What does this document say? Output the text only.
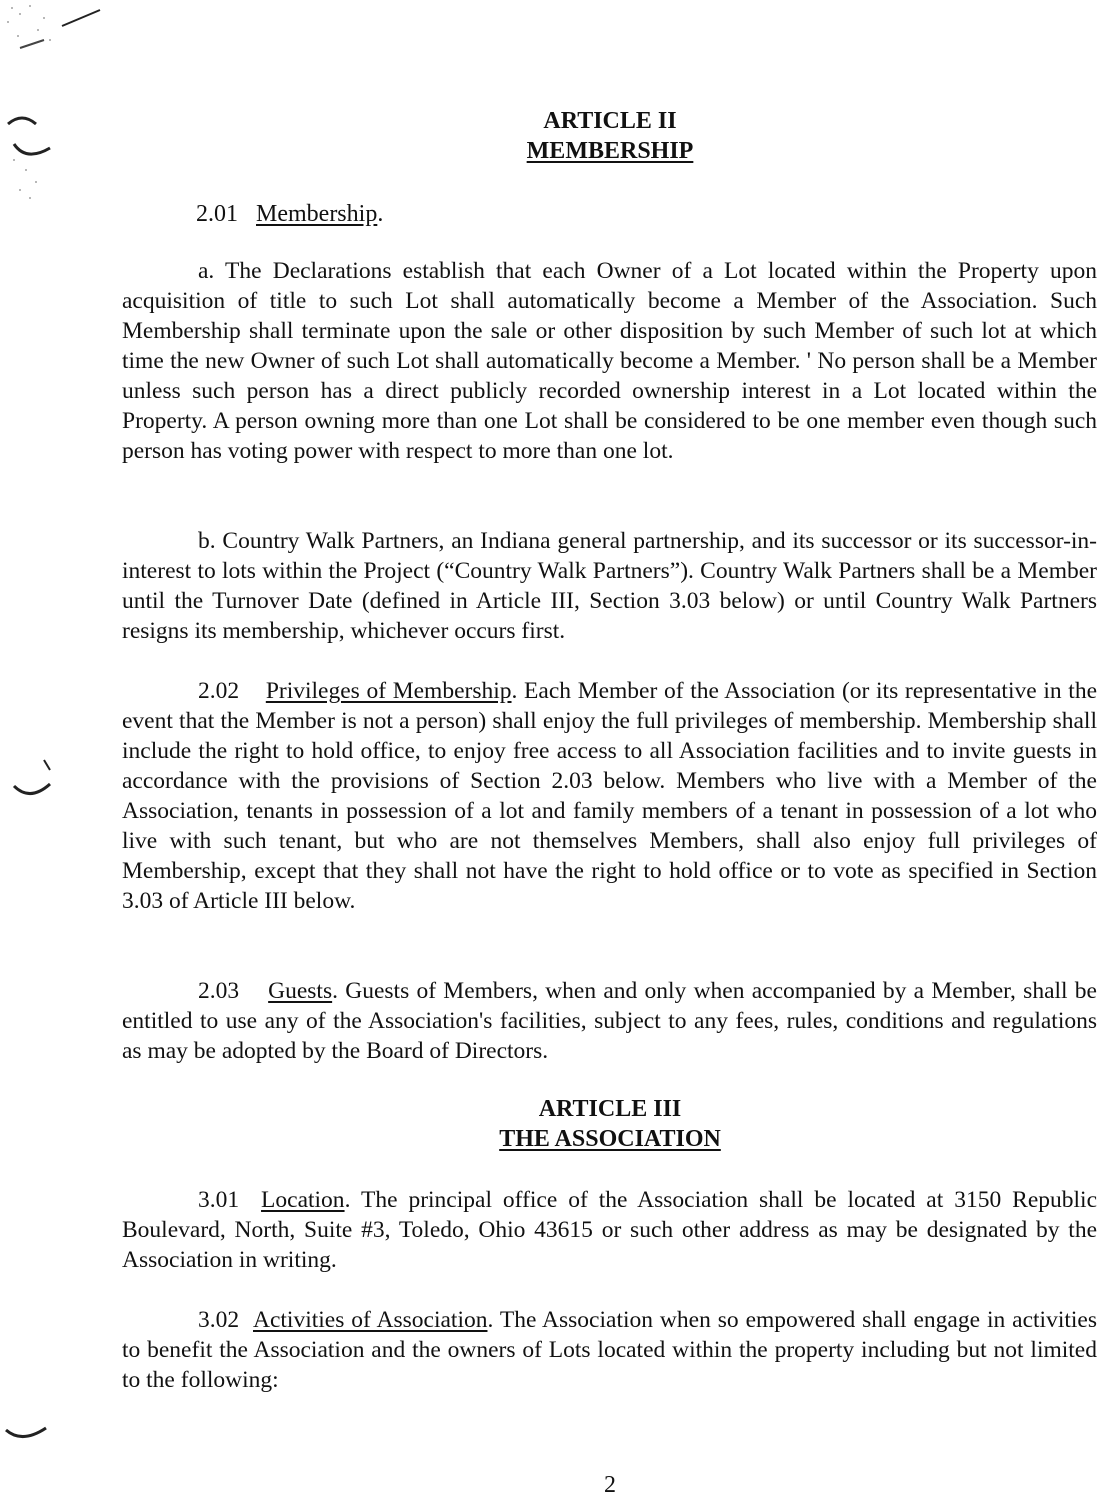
ARTICLE II
MEMBERSHIP
2.01 Membership.

a. The Declarations establish that each Owner of a Lot located within the Property upon acquisition of title to such Lot shall automatically become a Member of the Association. Such Membership shall terminate upon the sale or other disposition by such Member of such lot at which time the new Owner of such Lot shall automatically become a Member. ' No person shall be a Member unless such person has a direct publicly recorded ownership interest in a Lot located within the Property. A person owning more than one Lot shall be considered to be one member even though such person has voting power with respect to more than one lot.

b. Country Walk Partners, an Indiana general partnership, and its successor or its successor-in-interest to lots within the Project (“Country Walk Partners”). Country Walk Partners shall be a Member until the Turnover Date (defined in Article III, Section 3.03 below) or until Country Walk Partners resigns its membership, whichever occurs first.

2.02 Privileges of Membership. Each Member of the Association (or its representative in the event that the Member is not a person) shall enjoy the full privileges of membership. Membership shall include the right to hold office, to enjoy free access to all Association facilities and to invite guests in accordance with the provisions of Section 2.03 below. Members who live with a Member of the Association, tenants in possession of a lot and family members of a tenant in possession of a lot who live with such tenant, but who are not themselves Members, shall also enjoy full privileges of Membership, except that they shall not have the right to hold office or to vote as specified in Section 3.03 of Article III below.

2.03 Guests. Guests of Members, when and only when accompanied by a Member, shall be entitled to use any of the Association's facilities, subject to any fees, rules, conditions and regulations as may be adopted by the Board of Directors.

ARTICLE III
THE ASSOCIATION

3.01 Location. The principal office of the Association shall be located at 3150 Republic Boulevard, North, Suite #3, Toledo, Ohio 43615 or such other address as may be designated by the Association in writing.

3.02 Activities of Association. The Association when so empowered shall engage in activities to benefit the Association and the owners of Lots located within the property including but not limited to the following:

2
